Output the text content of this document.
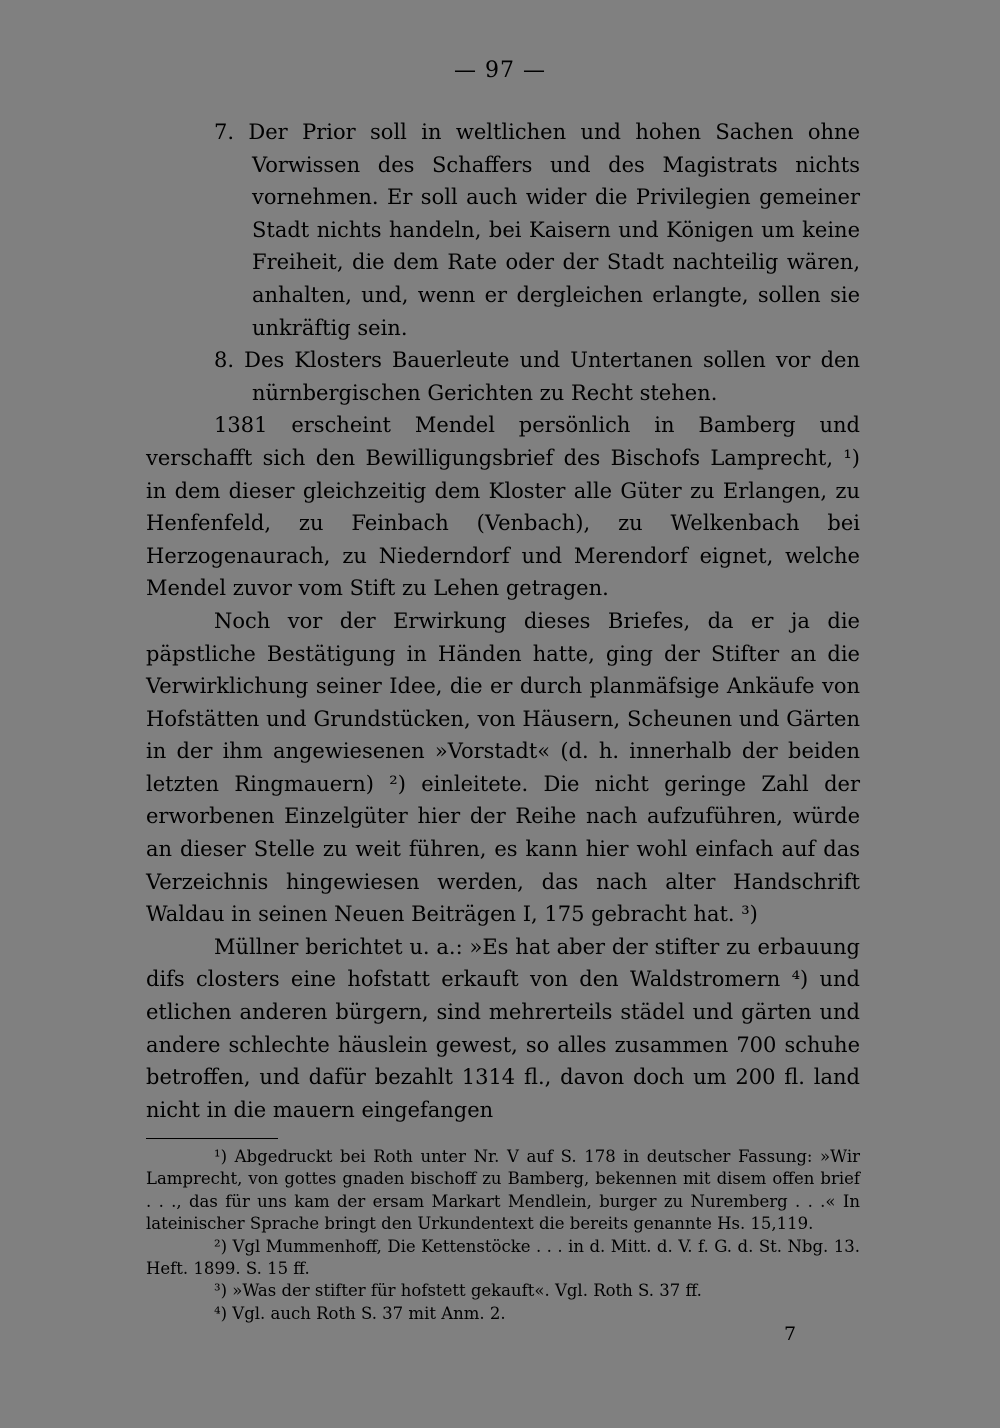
— 97 —

7. Der Prior soll in weltlichen und hohen Sachen ohne Vorwissen des Schaffers und des Magistrats nichts vornehmen. Er soll auch wider die Privilegien gemeiner Stadt nichts handeln, bei Kaisern und Königen um keine Freiheit, die dem Rate oder der Stadt nachteilig wären, anhalten, und, wenn er dergleichen erlangte, sollen sie unkräftig sein.

8. Des Klosters Bauerleute und Untertanen sollen vor den nürnbergischen Gerichten zu Recht stehen.

1381 erscheint Mendel persönlich in Bamberg und verschafft sich den Bewilligungsbrief des Bischofs Lamprecht, ¹) in dem dieser gleichzeitig dem Kloster alle Güter zu Erlangen, zu Henfenfeld, zu Feinbach (Venbach), zu Welkenbach bei Herzogenaurach, zu Niederndorf und Merendorf eignet, welche Mendel zuvor vom Stift zu Lehen getragen.

Noch vor der Erwirkung dieses Briefes, da er ja die päpstliche Bestätigung in Händen hatte, ging der Stifter an die Verwirklichung seiner Idee, die er durch planmäfsige Ankäufe von Hofstätten und Grundstücken, von Häusern, Scheunen und Gärten in der ihm angewiesenen »Vorstadt« (d. h. innerhalb der beiden letzten Ringmauern) ²) einleitete. Die nicht geringe Zahl der erworbenen Einzelgüter hier der Reihe nach aufzuführen, würde an dieser Stelle zu weit führen, es kann hier wohl einfach auf das Verzeichnis hingewiesen werden, das nach alter Handschrift Waldau in seinen Neuen Beiträgen I, 175 gebracht hat. ³)

Müllner berichtet u. a.: »Es hat aber der stifter zu erbauung difs closters eine hofstatt erkauft von den Waldstromern ⁴) und etlichen anderen bürgern, sind mehrerteils städel und gärten und andere schlechte häuslein gewest, so alles zusammen 700 schuhe betroffen, und dafür bezahlt 1314 fl., davon doch um 200 fl. land nicht in die mauern eingefangen

¹) Abgedruckt bei Roth unter Nr. V auf S. 178 in deutscher Fassung: »Wir Lamprecht, von gottes gnaden bischoff zu Bamberg, bekennen mit disem offen brief . . ., das für uns kam der ersam Markart Mendlein, burger zu Nuremberg . . .« In lateinischer Sprache bringt den Urkundentext die bereits genannte Hs. 15,119.

²) Vgl Mummenhoff, Die Kettenstöcke . . . in d. Mitt. d. V. f. G. d. St. Nbg. 13. Heft. 1899. S. 15 ff.

³) »Was der stifter für hofstett gekauft«. Vgl. Roth S. 37 ff.

⁴) Vgl. auch Roth S. 37 mit Anm. 2.

7
